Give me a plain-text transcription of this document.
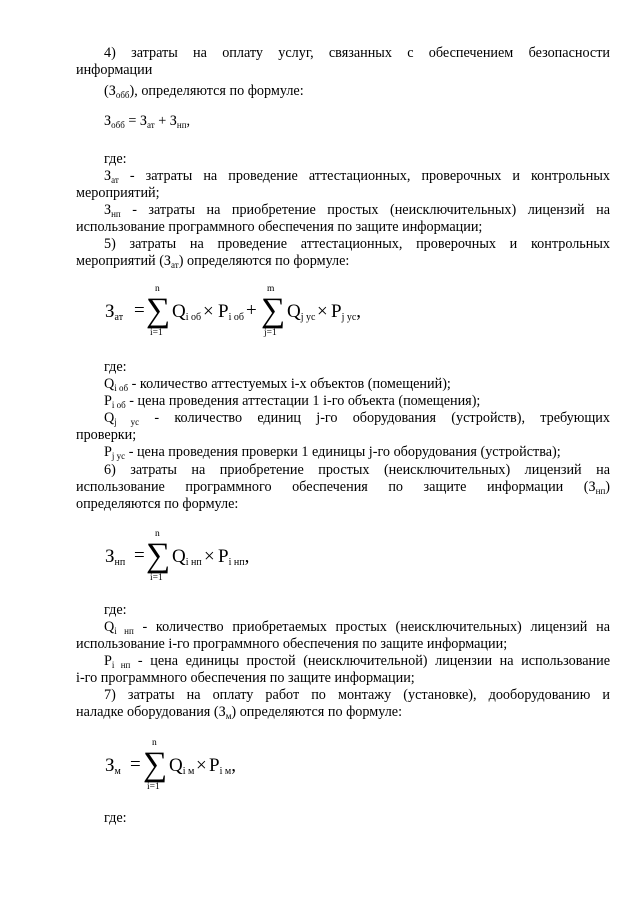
4) затраты на оплату услуг, связанных с обеспечением безопасности
информации
$(З_{обб})$, определяются по формуле:
$З_{обб} = З_{ат} + З_{нп}$,
где:
$З_{ат}$ - затраты на проведение аттестационных, проверочных и контрольных
мероприятий;
$З_{нп}$ - затраты на приобретение простых (неисключительных) лицензий на
использование программного обеспечения по защите информации;
5) затраты на проведение аттестационных, проверочных и контрольных
мероприятий $(З_{ат})$ определяются по формуле:
$З_{ат}$ =
n
∑
i=1
$Q_{i об} \times P_{i об}$ +
m
∑
j=1
$Q_{j ус} \times P_{j ус}$,
где:
$Q_{i об}$ - количество аттестуемых i-х объектов (помещений);
$P_{i об}$ - цена проведения аттестации 1 i-го объекта (помещения);
$Q_{j ус}$ - количество единиц j-го оборудования (устройств), требующих
проверки;
$P_{j ус}$ - цена проведения проверки 1 единицы j-го оборудования (устройства);
6) затраты на приобретение простых (неисключительных) лицензий на
использование программного обеспечения по защите информации $(З_{нп})$
определяются по формуле:
$З_{нп}$ =
n
∑
i=1
$Q_{i нп} \times P_{i нп}$,
где:
$Q_{i нп}$ - количество приобретаемых простых (неисключительных) лицензий на
использование i-го программного обеспечения по защите информации;
$P_{i нп}$ - цена единицы простой (неисключительной) лицензии на использование
i-го программного обеспечения по защите информации;
7) затраты на оплату работ по монтажу (установке), дооборудованию и
наладке оборудования $(З_м)$ определяются по формуле:
$З_м$ =
n
∑
i=1
$Q_{i м} \times P_{i м}$,
где:
